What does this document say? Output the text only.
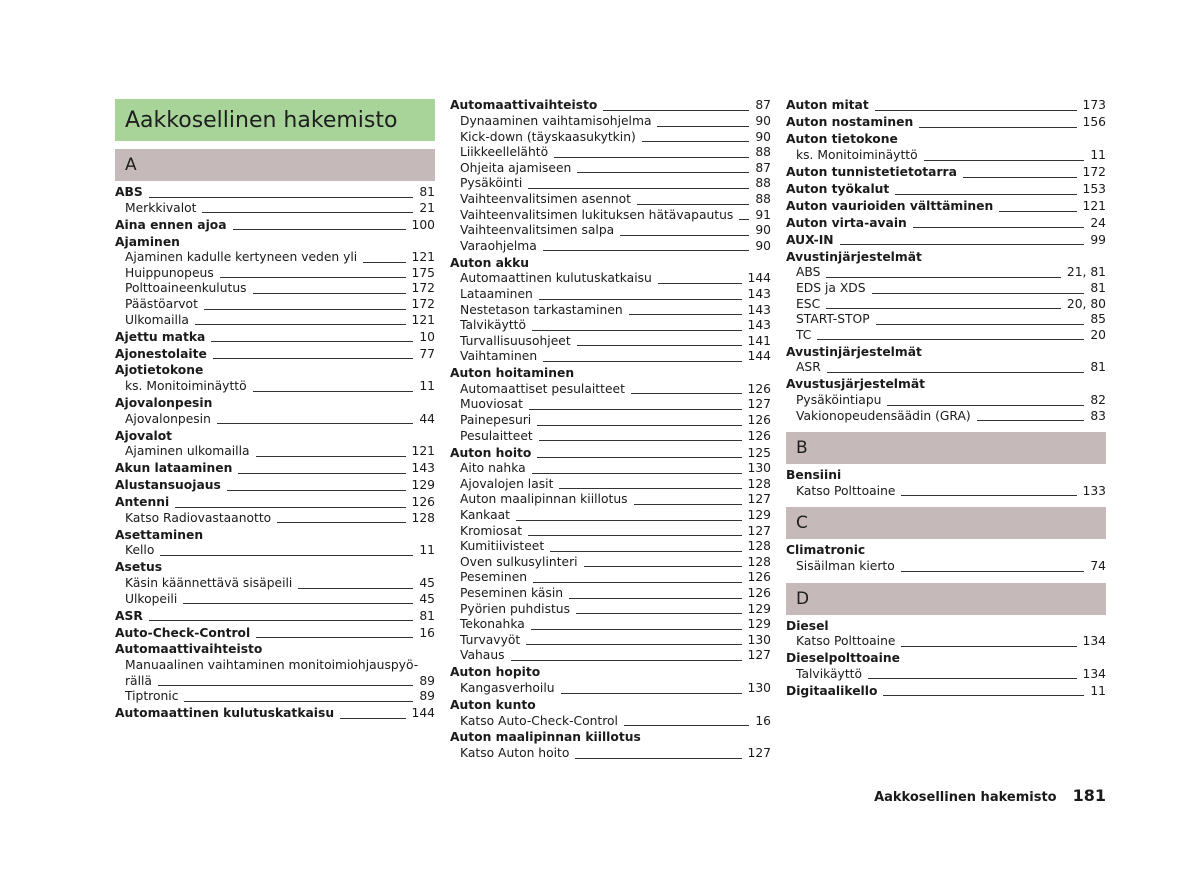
Aakkosellinen hakemisto
A
ABS	81
Merkkivalot	21
Aina ennen ajoa	100
Ajaminen
Ajaminen kadulle kertyneen veden yli	121
Huippunopeus	175
Polttoaineenkulutus	172
Päästöarvot	172
Ulkomailla	121
Ajettu matka	10
Ajonestolaite	77
Ajotietokone
ks. Monitoiminäyttö	11
Ajovalonpesin
Ajovalonpesin	44
Ajovalot
Ajaminen ulkomailla	121
Akun lataaminen	143
Alustansuojaus	129
Antenni	126
Katso Radiovastaanotto	128
Asettaminen
Kello	11
Asetus
Käsin käännettävä sisäpeili	45
Ulkopeili	45
ASR	81
Auto-Check-Control	16
Automaattivaihteisto
Manuaalinen vaihtaminen monitoimiohjauspyö-
rällä	89
Tiptronic	89
Automaattinen kulutuskatkaisu	144
Automaattivaihteisto	87
Dynaaminen vaihtamisohjelma	90
Kick-down (täyskaasukytkin)	90
Liikkeellelähtö	88
Ohjeita ajamiseen	87
Pysäköinti	88
Vaihteenvalitsimen asennot	88
Vaihteenvalitsimen lukituksen hätävapautus 91
Vaihteenvalitsimen salpa	90
Varaohjelma	90
Auton akku
Automaattinen kulutuskatkaisu	144
Lataaminen	143
Nestetason tarkastaminen	143
Talvikäyttö	143
Turvallisuusohjeet	141
Vaihtaminen	144
Auton hoitaminen
Automaattiset pesulaitteet	126
Muoviosat	127
Painepesuri	126
Pesulaitteet	126
Auton hoito	125
Aito nahka	130
Ajovalojen lasit	128
Auton maalipinnan kiillotus	127
Kankaat	129
Kromiosat	127
Kumitiivisteet	128
Oven sulkusylinteri	128
Peseminen	126
Peseminen käsin	126
Pyörien puhdistus	129
Tekonahka	129
Turvavyöt	130
Vahaus	127
Auton hopito
Kangasverhoilu	130
Auton kunto
Katso Auto-Check-Control	16
Auton maalipinnan kiillotus
Katso Auton hoito	127
Auton mitat	173
Auton nostaminen	156
Auton tietokone
ks. Monitoiminäyttö	11
Auton tunnistetietotarra	172
Auton työkalut	153
Auton vaurioiden välttäminen	121
Auton virta-avain	24
AUX-IN	99
Avustinjärjestelmät
ABS	21, 81
EDS ja XDS	81
ESC	20, 80
START-STOP	85
TC	20
Avustinjärjestelmät
ASR	81
Avustusjärjestelmät
Pysäköintiapu	82
Vakionopeudensäädin (GRA)	83
B
Bensiini
Katso Polttoaine	133
C
Climatronic
Sisäilman kierto	74
D
Diesel
Katso Polttoaine	134
Dieselpolttoaine
Talvikäyttö	134
Digitaalikello	11
Aakkosellinen hakemisto 181
